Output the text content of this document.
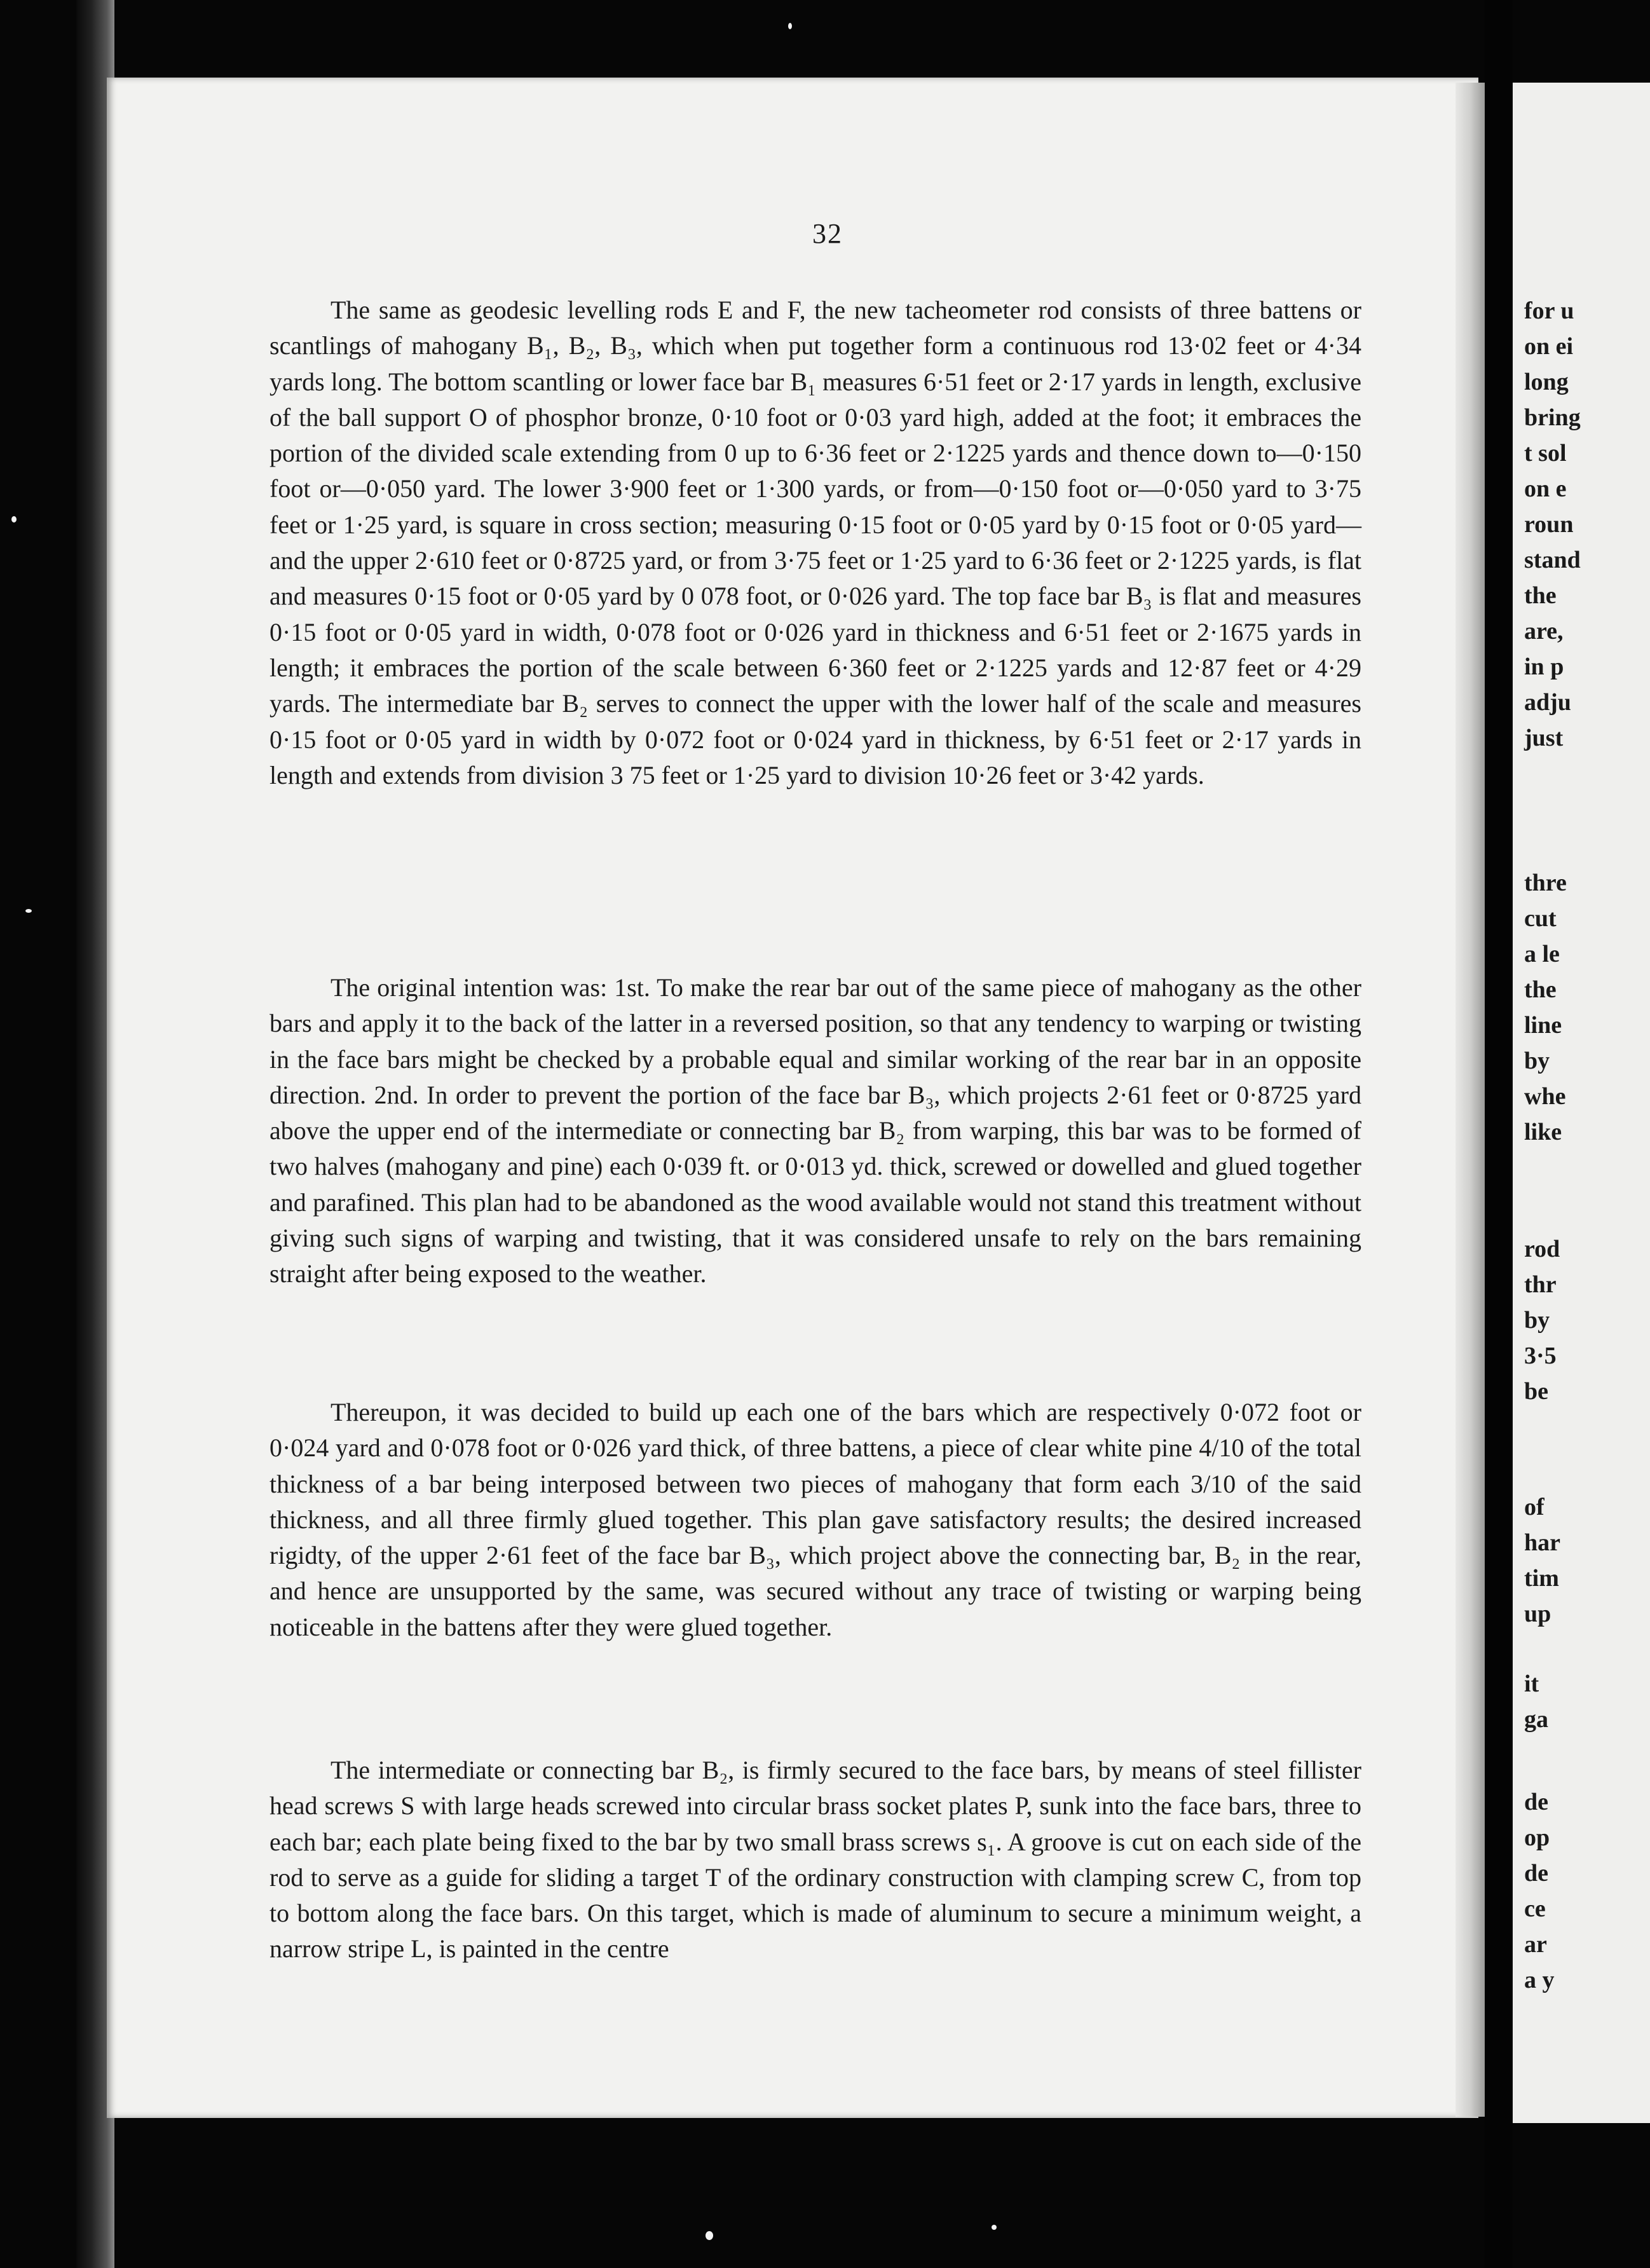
32

The same as geodesic levelling rods E and F, the new tacheometer rod consists of three battens or scantlings of mahogany B₁, B₂, B₃, which when put together form a continuous rod 13·02 feet or 4·34 yards long. The bottom scantling or lower face bar B₁ measures 6·51 feet or 2·17 yards in length, exclusive of the ball support O of phosphor bronze, 0·10 foot or 0·03 yard high, added at the foot; it embraces the portion of the divided scale extending from 0 up to 6·36 feet or 2·1225 yards and thence down to—0·150 foot or—0·050 yard. The lower 3·900 feet or 1·300 yards, or from—0·150 foot or—0·050 yard to 3·75 feet or 1·25 yard, is square in cross section; measuring 0·15 foot or 0·05 yard by 0·15 foot or 0·05 yard—and the upper 2·610 feet or 0·8725 yard, or from 3·75 feet or 1·25 yard to 6·36 feet or 2·1225 yards, is flat and measures 0·15 foot or 0·05 yard by 0 078 foot, or 0·026 yard. The top face bar B₃ is flat and measures 0·15 foot or 0·05 yard in width, 0·078 foot or 0·026 yard in thickness and 6·51 feet or 2·1675 yards in length; it embraces the portion of the scale between 6·360 feet or 2·1225 yards and 12·87 feet or 4·29 yards. The intermediate bar B₂ serves to connect the upper with the lower half of the scale and measures 0·15 foot or 0·05 yard in width by 0·072 foot or 0·024 yard in thickness, by 6·51 feet or 2·17 yards in length and extends from division 3 75 feet or 1·25 yard to division 10·26 feet or 3·42 yards.

The original intention was: 1st. To make the rear bar out of the same piece of mahogany as the other bars and apply it to the back of the latter in a reversed position, so that any tendency to warping or twisting in the face bars might be checked by a probable equal and similar working of the rear bar in an opposite direction. 2nd. In order to prevent the portion of the face bar B₃, which projects 2·61 feet or 0·8725 yard above the upper end of the intermediate or connecting bar B₂ from warping, this bar was to be formed of two halves (mahogany and pine) each 0·039 ft. or 0·013 yd. thick, screwed or dowelled and glued together and parafined. This plan had to be abandoned as the wood available would not stand this treatment without giving such signs of warping and twisting, that it was considered unsafe to rely on the bars remaining straight after being exposed to the weather.

Thereupon, it was decided to build up each one of the bars which are respectively 0·072 foot or 0·024 yard and 0·078 foot or 0·026 yard thick, of three battens, a piece of clear white pine 4/10 of the total thickness of a bar being interposed between two pieces of mahogany that form each 3/10 of the said thickness, and all three firmly glued together. This plan gave satisfactory results; the desired increased rigidty, of the upper 2·61 feet of the face bar B₃, which project above the connecting bar, B₂ in the rear, and hence are unsupported by the same, was secured without any trace of twisting or warping being noticeable in the battens after they were glued together.

The intermediate or connecting bar B₂, is firmly secured to the face bars, by means of steel fillister head screws S with large heads screwed into circular brass socket plates P, sunk into the face bars, three to each bar; each plate being fixed to the bar by two small brass screws s₁. A groove is cut on each side of the rod to serve as a guide for sliding a target T of the ordinary construction with clamping screw C, from top to bottom along the face bars. On this target, which is made of aluminum to secure a minimum weight, a narrow stripe L, is painted in the centre

for u
on ei
long
bring
t sol
on e
roun
stand
the
are,
in p
adju
just
thre
cut
a le
the
line
by
whe
like
rod
thr
by
3·5
be
of
har
tim
up
it
ga
de
op
de
ce
ar
a y
